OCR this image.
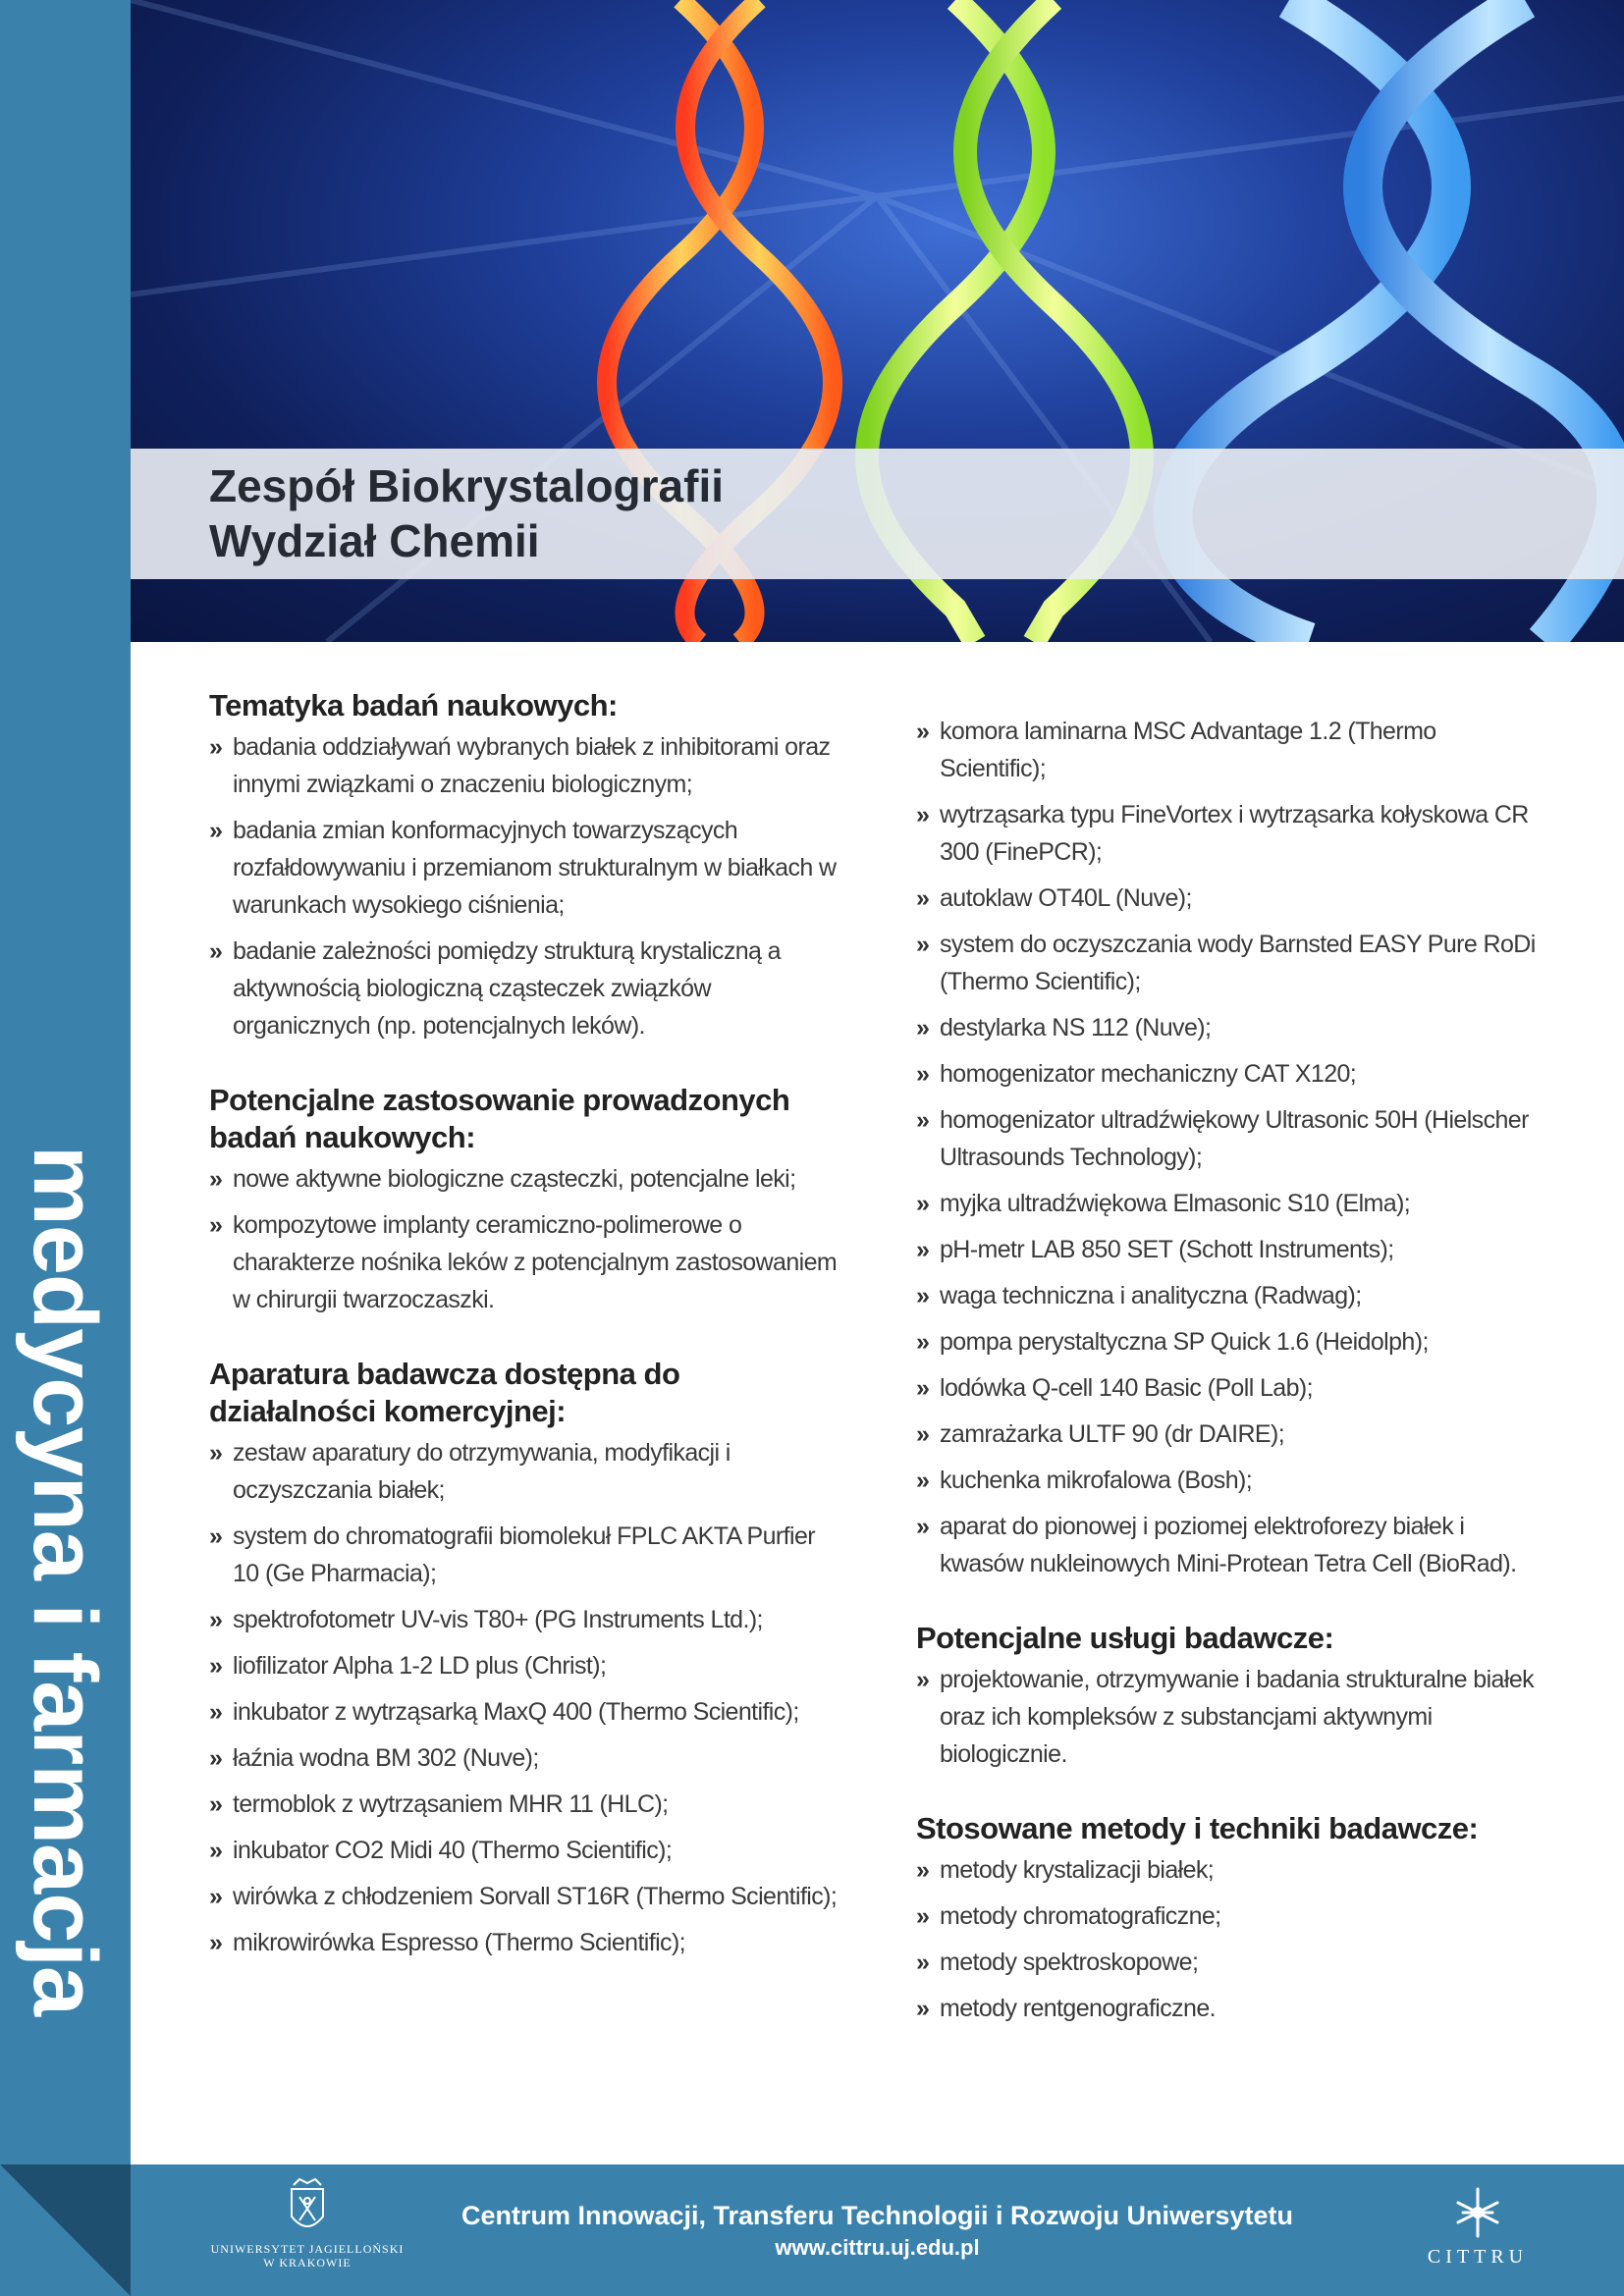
Zespół Biokrystalografii
Wydział Chemii
medycyna i farmacja
Tematyka badań naukowych:
» badania oddziaływań wybranych białek z inhibitorami oraz innymi związkami o znaczeniu biologicznym;
» badania zmian konformacyjnych towarzyszących rozfałdowywaniu i przemianom strukturalnym w białkach w warunkach wysokiego ciśnienia;
» badanie zależności pomiędzy strukturą krystaliczną a aktywnością biologiczną cząsteczek związków organicznych (np. potencjalnych leków).
Potencjalne zastosowanie prowadzonych badań naukowych:
» nowe aktywne biologiczne cząsteczki, potencjalne leki;
» kompozytowe implanty ceramiczno-polimerowe o charakterze nośnika leków z potencjalnym zastosowaniem w chirurgii twarzoczaszki.
Aparatura badawcza dostępna do działalności komercyjnej:
» zestaw aparatury do otrzymywania, modyfikacji i oczyszczania białek;
» system do chromatografii biomolekuł FPLC AKTA Purfier 10 (Ge Pharmacia);
» spektrofotometr UV-vis T80+ (PG Instruments Ltd.);
» liofilizator Alpha 1-2 LD plus (Christ);
» inkubator z wytrząsarką MaxQ 400 (Thermo Scientific);
» łaźnia wodna BM 302 (Nuve);
» termoblok z wytrząsaniem MHR 11 (HLC);
» inkubator CO2 Midi 40 (Thermo Scientific);
» wirówka z chłodzeniem Sorvall ST16R (Thermo Scientific);
» mikrowirówka Espresso (Thermo Scientific);
» komora laminarna MSC Advantage 1.2 (Thermo Scientific);
» wytrząsarka typu FineVortex i wytrząsarka kołyskowa CR 300 (FinePCR);
» autoklaw OT40L (Nuve);
» system do oczyszczania wody Barnsted EASY Pure RoDi (Thermo Scientific);
» destylarka NS 112 (Nuve);
» homogenizator mechaniczny CAT X120;
» homogenizator ultradźwiękowy Ultrasonic 50H (Hielscher Ultrasounds Technology);
» myjka ultradźwiękowa Elmasonic S10 (Elma);
» pH-metr LAB 850 SET (Schott Instruments);
» waga techniczna i analityczna (Radwag);
» pompa perystaltyczna SP Quick 1.6 (Heidolph);
» lodówka Q-cell 140 Basic (Poll Lab);
» zamrażarka ULTF 90 (dr DAIRE);
» kuchenka mikrofalowa (Bosh);
» aparat do pionowej i poziomej elektroforezy białek i kwasów nukleinowych Mini-Protean Tetra Cell (BioRad).
Potencjalne usługi badawcze:
» projektowanie, otrzymywanie i badania strukturalne białek oraz ich kompleksów z substancjami aktywnymi biologicznie.
Stosowane metody i techniki badawcze:
» metody krystalizacji białek;
» metody chromatograficzne;
» metody spektroskopowe;
» metody rentgenograficzne.
Centrum Innowacji, Transferu Technologii i Rozwoju Uniwersytetu
www.cittru.uj.edu.pl
UNIWERSYTET JAGIELLOŃSKI
W KRAKOWIE	CITTRU
